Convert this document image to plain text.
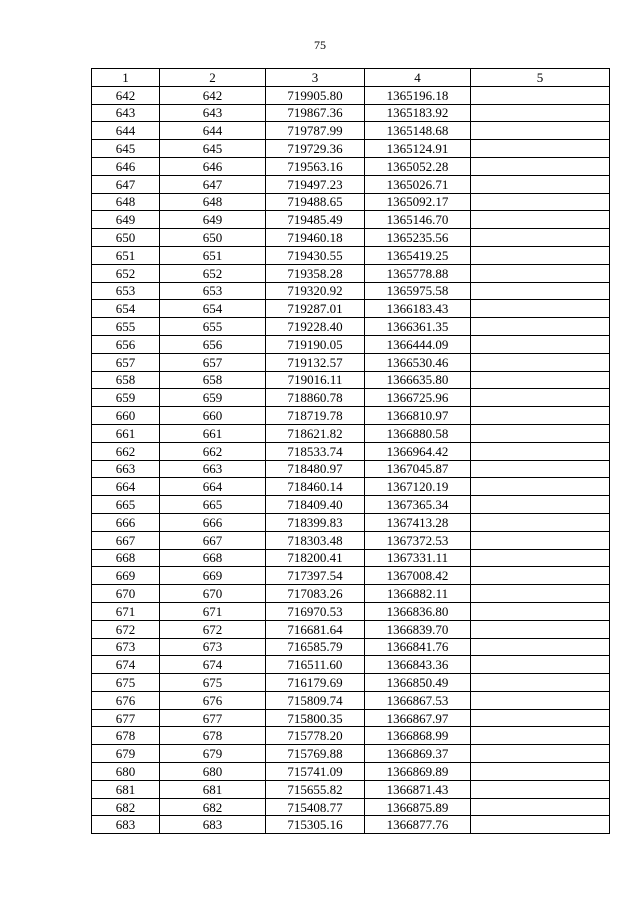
75
1	2	3	4	5
642	642	719905.80	1365196.18	
643	643	719867.36	1365183.92	
644	644	719787.99	1365148.68	
645	645	719729.36	1365124.91	
646	646	719563.16	1365052.28	
647	647	719497.23	1365026.71	
648	648	719488.65	1365092.17	
649	649	719485.49	1365146.70	
650	650	719460.18	1365235.56	
651	651	719430.55	1365419.25	
652	652	719358.28	1365778.88	
653	653	719320.92	1365975.58	
654	654	719287.01	1366183.43	
655	655	719228.40	1366361.35	
656	656	719190.05	1366444.09	
657	657	719132.57	1366530.46	
658	658	719016.11	1366635.80	
659	659	718860.78	1366725.96	
660	660	718719.78	1366810.97	
661	661	718621.82	1366880.58	
662	662	718533.74	1366964.42	
663	663	718480.97	1367045.87	
664	664	718460.14	1367120.19	
665	665	718409.40	1367365.34	
666	666	718399.83	1367413.28	
667	667	718303.48	1367372.53	
668	668	718200.41	1367331.11	
669	669	717397.54	1367008.42	
670	670	717083.26	1366882.11	
671	671	716970.53	1366836.80	
672	672	716681.64	1366839.70	
673	673	716585.79	1366841.76	
674	674	716511.60	1366843.36	
675	675	716179.69	1366850.49	
676	676	715809.74	1366867.53	
677	677	715800.35	1366867.97	
678	678	715778.20	1366868.99	
679	679	715769.88	1366869.37	
680	680	715741.09	1366869.89	
681	681	715655.82	1366871.43	
682	682	715408.77	1366875.89	
683	683	715305.16	1366877.76	
